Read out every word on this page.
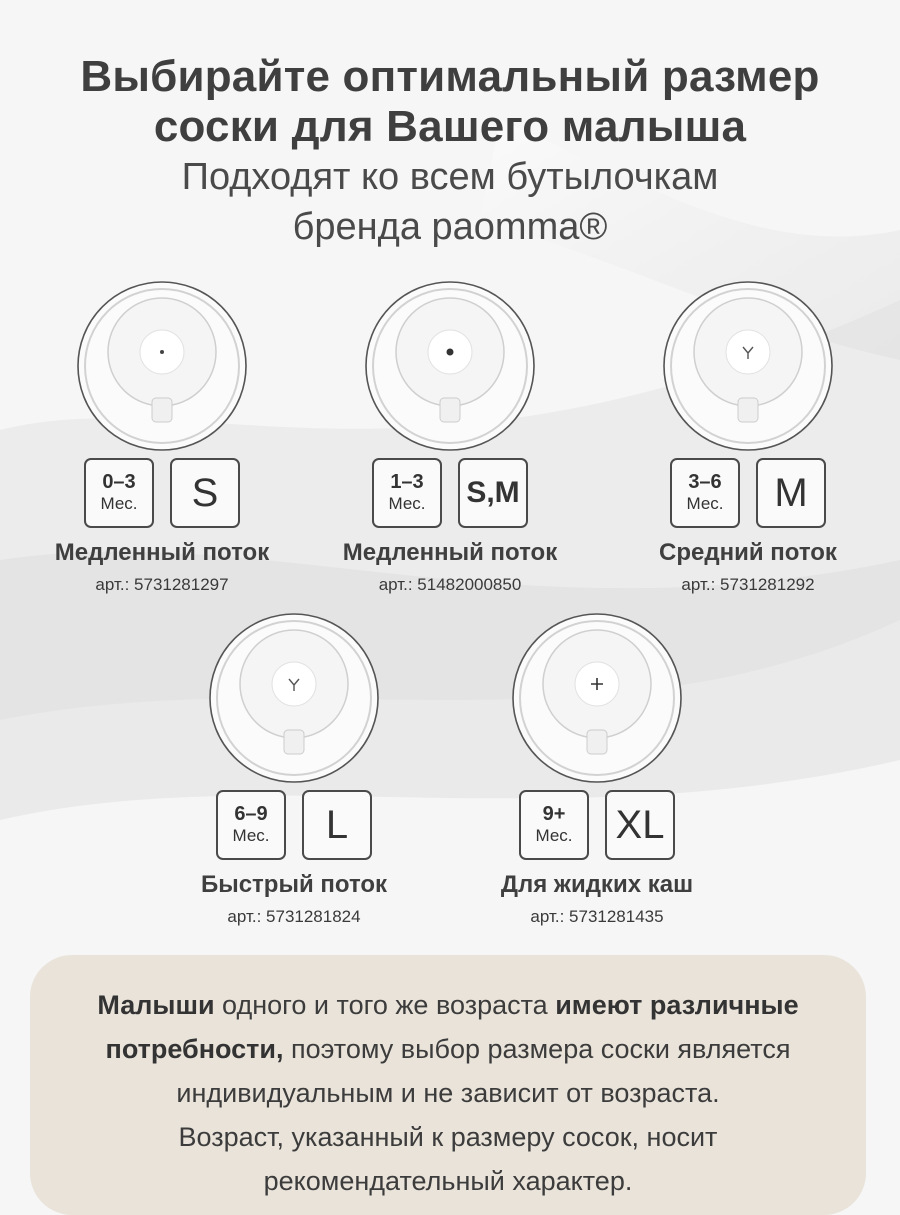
Выбирайте оптимальный размер
соски для Вашего малыша
Подходят ко всем бутылочкам
бренда paomma®
0–3
Мес. S
Медленный поток
арт.: 5731281297
1–3
Мес. S,M
Медленный поток
арт.: 51482000850
3–6
Мес. M
Средний поток
арт.: 5731281292
6–9
Мес. L
Быстрый поток
арт.: 5731281824
9+
Мес. XL
Для жидких каш
арт.: 5731281435
Малыши одного и того же возраста имеют различные
потребности, поэтому выбор размера соски является
индивидуальным и не зависит от возраста.
Возраст, указанный к размеру сосок, носит
рекомендательный характер.
